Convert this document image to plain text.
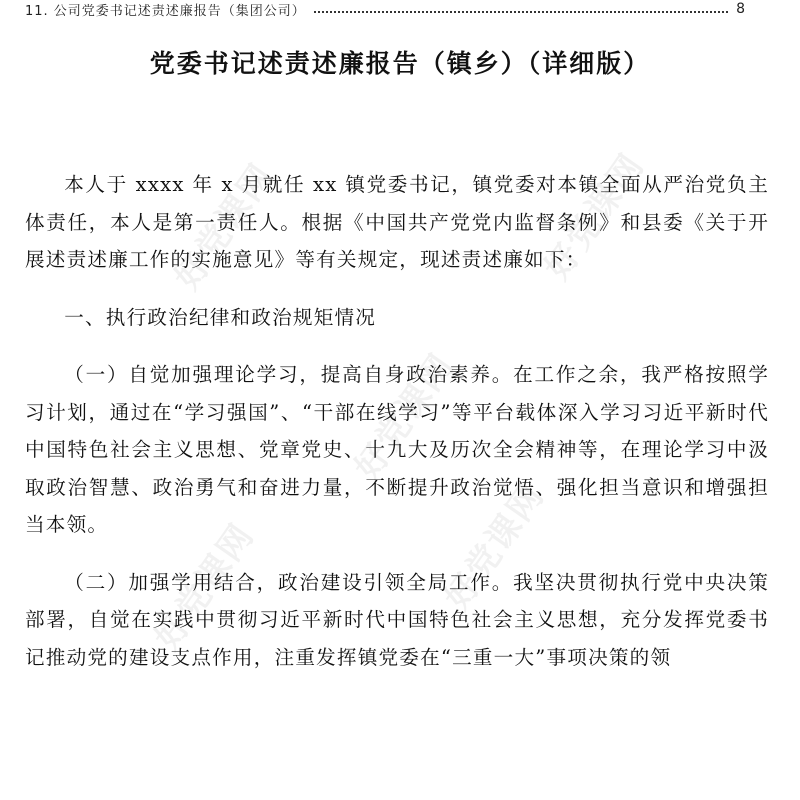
11. 公司党委书记述责述廉报告（集团公司）	8
党委书记述责述廉报告（镇乡）（详细版）
好党课网	好党课网
好党课网
好党课网	好党课网

本人于 xxxx 年 x 月就任 xx 镇党委书记，镇党委对本镇全面从严治党负主体责任，本人是第一责任人。根据《中国共产党党内监督条例》和县委《关于开展述责述廉工作的实施意见》等有关规定，现述责述廉如下：

一、执行政治纪律和政治规矩情况

（一）自觉加强理论学习，提高自身政治素养。在工作之余，我严格按照学习计划，通过在“学习强国”、“干部在线学习”等平台载体深入学习习近平新时代中国特色社会主义思想、党章党史、十九大及历次全会精神等，在理论学习中汲取政治智慧、政治勇气和奋进力量，不断提升政治觉悟、强化担当意识和增强担当本领。

（二）加强学用结合，政治建设引领全局工作。我坚决贯彻执行党中央决策部署，自觉在实践中贯彻习近平新时代中国特色社会主义思想，充分发挥党委书记推动党的建设支点作用，注重发挥镇党委在“三重一大”事项决策的领
